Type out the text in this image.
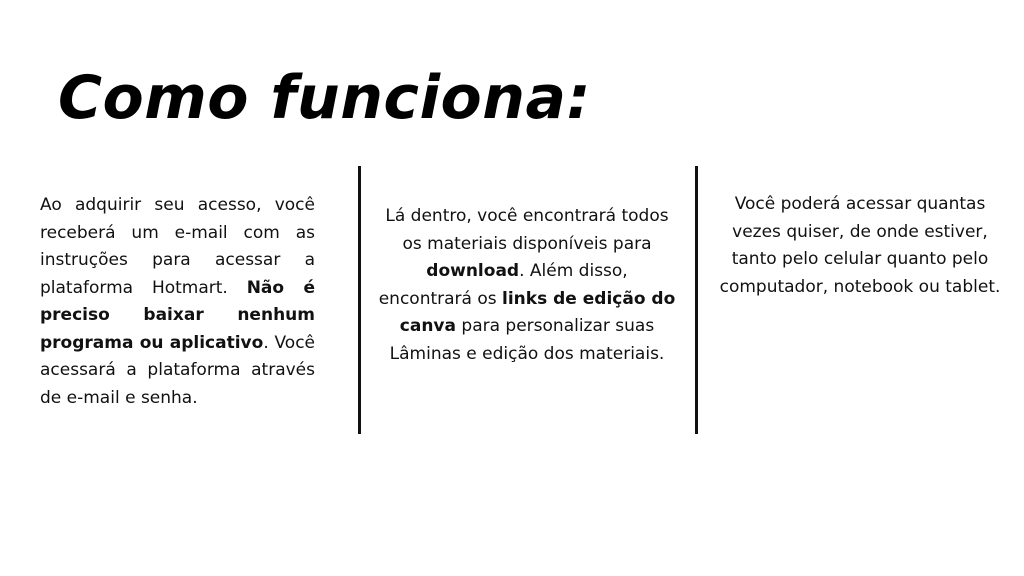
Como funciona:
Ao adquirir seu acesso, você receberá um e-mail com as instruções para acessar a plataforma Hotmart. Não é preciso baixar nenhum programa ou aplicativo. Você acessará a plataforma através de e-mail e senha.
Lá dentro, você encontrará todos os materiais disponíveis para download. Além disso, encontrará os links de edição do canva para personalizar suas Lâminas e edição dos materiais.
Você poderá acessar quantas vezes quiser, de onde estiver, tanto pelo celular quanto pelo computador, notebook ou tablet.
